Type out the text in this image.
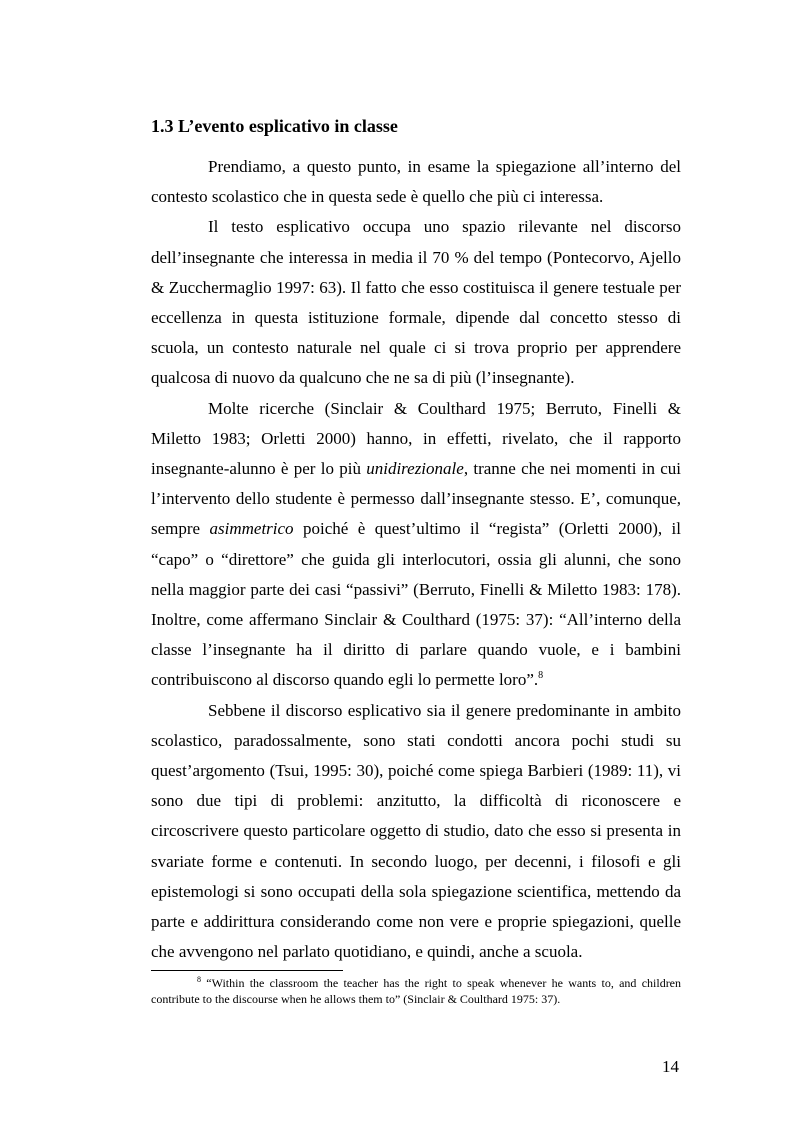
1.3 L’evento esplicativo in classe

Prendiamo, a questo punto, in esame la spiegazione all’interno del contesto scolastico che in questa sede è quello che più ci interessa.

Il testo esplicativo occupa uno spazio rilevante nel discorso dell’insegnante che interessa in media il 70 % del tempo (Pontecorvo, Ajello & Zucchermaglio 1997: 63). Il fatto che esso costituisca il genere testuale per eccellenza in questa istituzione formale, dipende dal concetto stesso di scuola, un contesto naturale nel quale ci si trova proprio per apprendere qualcosa di nuovo da qualcuno che ne sa di più (l’insegnante).

Molte ricerche (Sinclair & Coulthard 1975; Berruto, Finelli & Miletto 1983; Orletti 2000) hanno, in effetti, rivelato, che il rapporto insegnante-alunno è per lo più unidirezionale, tranne che nei momenti in cui l’intervento dello studente è permesso dall’insegnante stesso. E’, comunque, sempre asimmetrico poiché è quest’ultimo il “regista” (Orletti 2000), il “capo” o “direttore” che guida gli interlocutori, ossia gli alunni, che sono nella maggior parte dei casi “passivi” (Berruto, Finelli & Miletto 1983: 178). Inoltre, come affermano Sinclair & Coulthard (1975: 37): “All’interno della classe l’insegnante ha il diritto di parlare quando vuole, e i bambini contribuiscono al discorso quando egli lo permette loro”.$^8$

Sebbene il discorso esplicativo sia il genere predominante in ambito scolastico, paradossalmente, sono stati condotti ancora pochi studi su quest’argomento (Tsui, 1995: 30), poiché come spiega Barbieri (1989: 11), vi sono due tipi di problemi: anzitutto, la difficoltà di riconoscere e circoscrivere questo particolare oggetto di studio, dato che esso si presenta in svariate forme e contenuti. In secondo luogo, per decenni, i filosofi e gli epistemologi si sono occupati della sola spiegazione scientifica, mettendo da parte e addirittura considerando come non vere e proprie spiegazioni, quelle che avvengono nel parlato quotidiano, e quindi, anche a scuola.

$^8$ “Within the classroom the teacher has the right to speak whenever he wants to, and children contribute to the discourse when he allows them to” (Sinclair & Coulthard 1975: 37).

14
